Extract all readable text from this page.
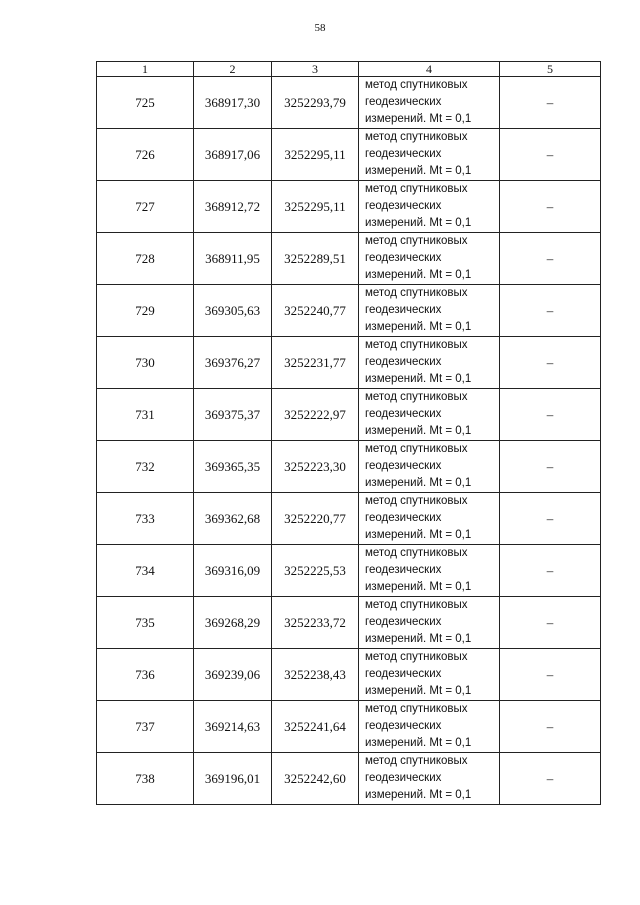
58
1	2	3	4	5
725	368917,30	3252293,79	метод спутниковых
геодезических
измерений. Mt = 0,1	–
726	368917,06	3252295,11	метод спутниковых
геодезических
измерений. Mt = 0,1	–
727	368912,72	3252295,11	метод спутниковых
геодезических
измерений. Mt = 0,1	–
728	368911,95	3252289,51	метод спутниковых
геодезических
измерений. Mt = 0,1	–
729	369305,63	3252240,77	метод спутниковых
геодезических
измерений. Mt = 0,1	–
730	369376,27	3252231,77	метод спутниковых
геодезических
измерений. Mt = 0,1	–
731	369375,37	3252222,97	метод спутниковых
геодезических
измерений. Mt = 0,1	–
732	369365,35	3252223,30	метод спутниковых
геодезических
измерений. Mt = 0,1	–
733	369362,68	3252220,77	метод спутниковых
геодезических
измерений. Mt = 0,1	–
734	369316,09	3252225,53	метод спутниковых
геодезических
измерений. Mt = 0,1	–
735	369268,29	3252233,72	метод спутниковых
геодезических
измерений. Mt = 0,1	–
736	369239,06	3252238,43	метод спутниковых
геодезических
измерений. Mt = 0,1	–
737	369214,63	3252241,64	метод спутниковых
геодезических
измерений. Mt = 0,1	–
738	369196,01	3252242,60	метод спутниковых
геодезических
измерений. Mt = 0,1	–
